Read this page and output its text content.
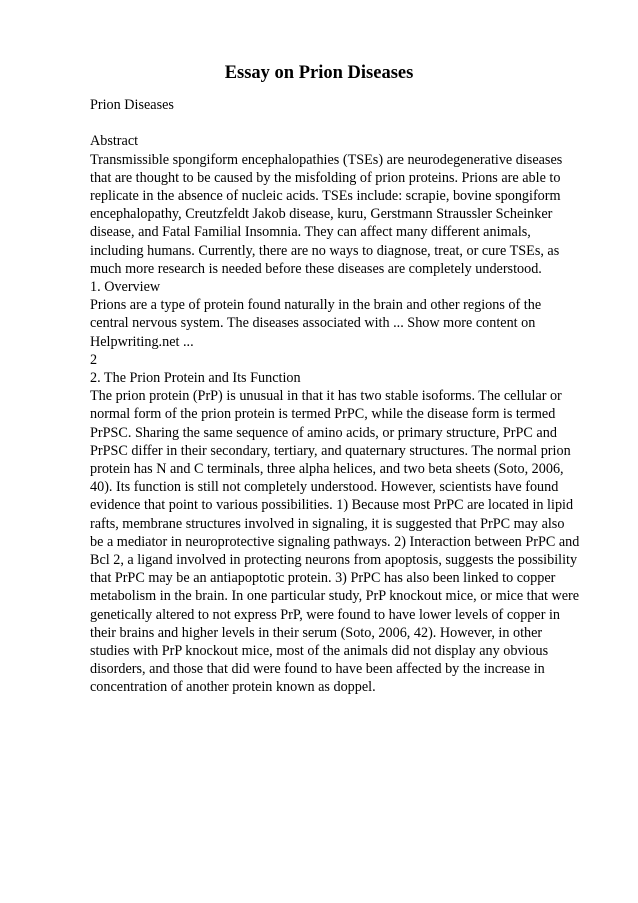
Essay on Prion Diseases

Prion Diseases

Abstract

Transmissible spongiform encephalopathies (TSEs) are neurodegenerative diseases that are thought to be caused by the misfolding of prion proteins. Prions are able to replicate in the absence of nucleic acids. TSEs include: scrapie, bovine spongiform encephalopathy, Creutzfeldt Jakob disease, kuru, Gerstmann Straussler Scheinker disease, and Fatal Familial Insomnia. They can affect many different animals, including humans. Currently, there are no ways to diagnose, treat, or cure TSEs, as much more research is needed before these diseases are completely understood.

1. Overview

Prions are a type of protein found naturally in the brain and other regions of the central nervous system. The diseases associated with ... Show more content on Helpwriting.net ...

2

2. The Prion Protein and Its Function

The prion protein (PrP) is unusual in that it has two stable isoforms. The cellular or normal form of the prion protein is termed PrPC, while the disease form is termed PrPSC. Sharing the same sequence of amino acids, or primary structure, PrPC and PrPSC differ in their secondary, tertiary, and quaternary structures. The normal prion protein has N and C terminals, three alpha helices, and two beta sheets (Soto, 2006, 40). Its function is still not completely understood. However, scientists have found evidence that point to various possibilities. 1) Because most PrPC are located in lipid rafts, membrane structures involved in signaling, it is suggested that PrPC may also be a mediator in neuroprotective signaling pathways. 2) Interaction between PrPC and Bcl 2, a ligand involved in protecting neurons from apoptosis, suggests the possibility that PrPC may be an antiapoptotic protein. 3) PrPC has also been linked to copper metabolism in the brain. In one particular study, PrP knockout mice, or mice that were genetically altered to not express PrP, were found to have lower levels of copper in their brains and higher levels in their serum (Soto, 2006, 42). However, in other studies with PrP knockout mice, most of the animals did not display any obvious disorders, and those that did were found to have been affected by the increase in concentration of another protein known as doppel.
